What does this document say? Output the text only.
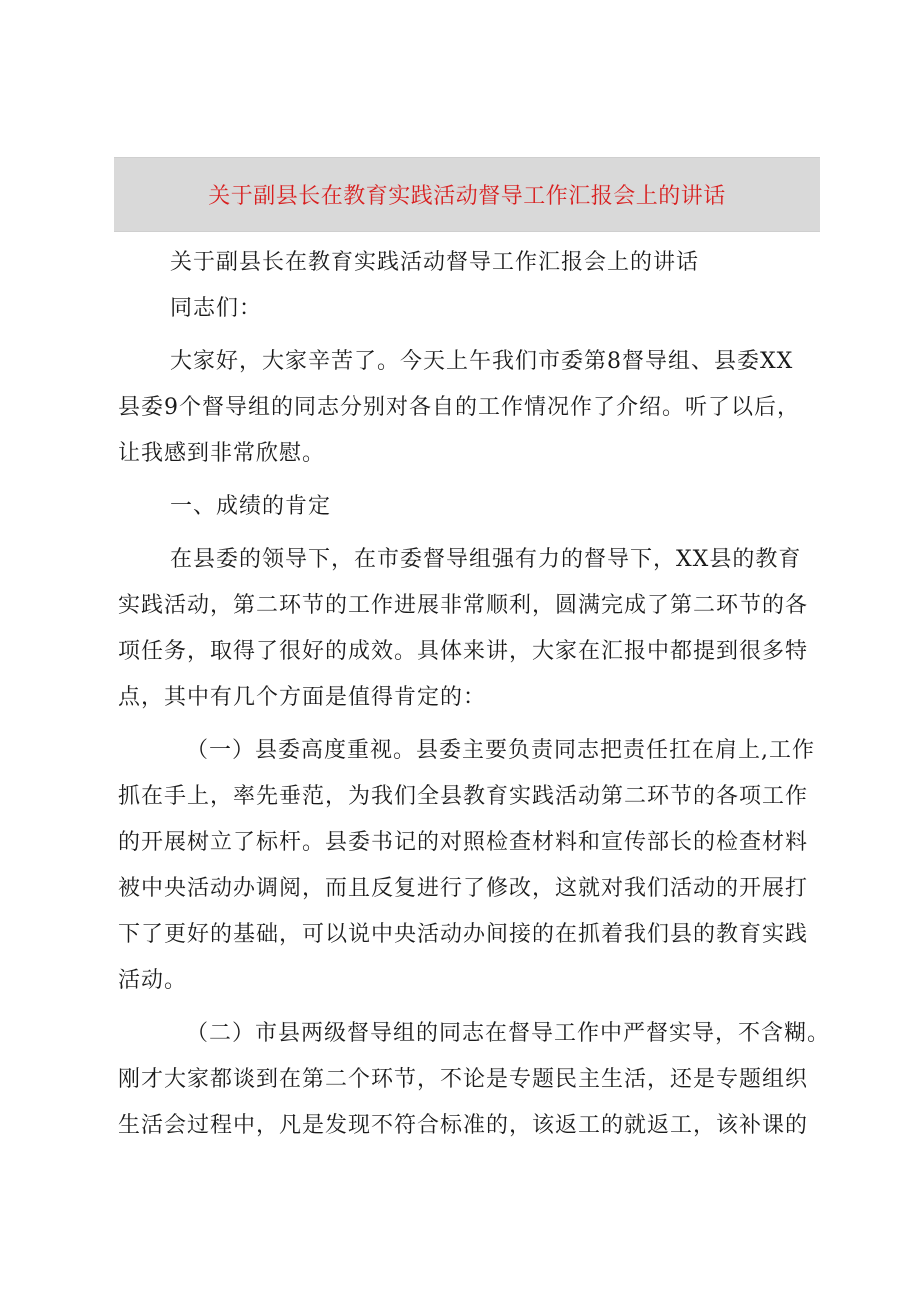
关于副县长在教育实践活动督导工作汇报会上的讲话
关于副县长在教育实践活动督导工作汇报会上的讲话
同志们：
大家好，大家辛苦了。今天上午我们市委第8督导组、县委XX
县委9个督导组的同志分别对各自的工作情况作了介绍。听了以后，
让我感到非常欣慰。
一、成绩的肯定
在县委的领导下，在市委督导组强有力的督导下，XX县的教育
实践活动，第二环节的工作进展非常顺利，圆满完成了第二环节的各
项任务，取得了很好的成效。具体来讲，大家在汇报中都提到很多特
点，其中有几个方面是值得肯定的：
（一）县委高度重视。县委主要负责同志把责任扛在肩上,工作
抓在手上，率先垂范，为我们全县教育实践活动第二环节的各项工作
的开展树立了标杆。县委书记的对照检查材料和宣传部长的检查材料
被中央活动办调阅，而且反复进行了修改，这就对我们活动的开展打
下了更好的基础，可以说中央活动办间接的在抓着我们县的教育实践
活动。
（二）市县两级督导组的同志在督导工作中严督实导，不含糊。
刚才大家都谈到在第二个环节，不论是专题民主生活，还是专题组织
生活会过程中，凡是发现不符合标准的，该返工的就返工，该补课的
